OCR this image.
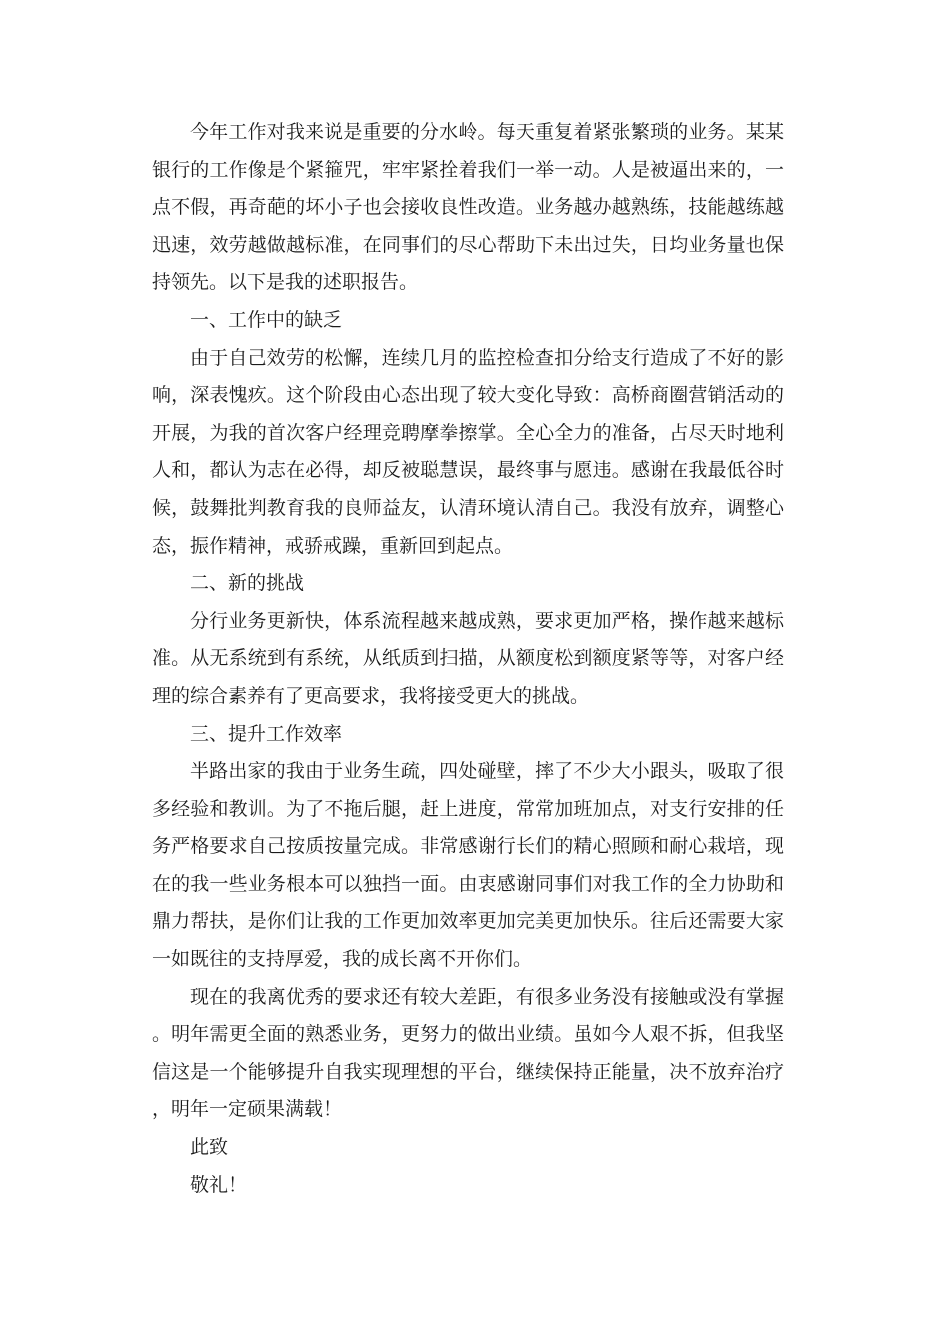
今年工作对我来说是重要的分水岭。每天重复着紧张繁琐的业务。某某银行的工作像是个紧箍咒，牢牢紧拴着我们一举一动。人是被逼出来的，一点不假，再奇葩的坏小子也会接收良性改造。业务越办越熟练，技能越练越迅速，效劳越做越标准，在同事们的尽心帮助下未出过失，日均业务量也保持领先。以下是我的述职报告。

一、工作中的缺乏

由于自己效劳的松懈，连续几月的监控检查扣分给支行造成了不好的影响，深表愧疚。这个阶段由心态出现了较大变化导致：高桥商圈营销活动的开展，为我的首次客户经理竞聘摩拳擦掌。全心全力的准备，占尽天时地利人和，都认为志在必得，却反被聪慧误，最终事与愿违。感谢在我最低谷时候，鼓舞批判教育我的良师益友，认清环境认清自己。我没有放弃，调整心态，振作精神，戒骄戒躁，重新回到起点。

二、新的挑战

分行业务更新快，体系流程越来越成熟，要求更加严格，操作越来越标准。从无系统到有系统，从纸质到扫描，从额度松到额度紧等等，对客户经理的综合素养有了更高要求，我将接受更大的挑战。

三、提升工作效率

半路出家的我由于业务生疏，四处碰壁，摔了不少大小跟头，吸取了很多经验和教训。为了不拖后腿，赶上进度，常常加班加点，对支行安排的任务严格要求自己按质按量完成。非常感谢行长们的精心照顾和耐心栽培，现在的我一些业务根本可以独挡一面。由衷感谢同事们对我工作的全力协助和鼎力帮扶，是你们让我的工作更加效率更加完美更加快乐。往后还需要大家一如既往的支持厚爱，我的成长离不开你们。

现在的我离优秀的要求还有较大差距，有很多业务没有接触或没有掌握。明年需更全面的熟悉业务，更努力的做出业绩。虽如今人艰不拆，但我坚信这是一个能够提升自我实现理想的平台，继续保持正能量，决不放弃治疗，明年一定硕果满载！

此致

敬礼！
